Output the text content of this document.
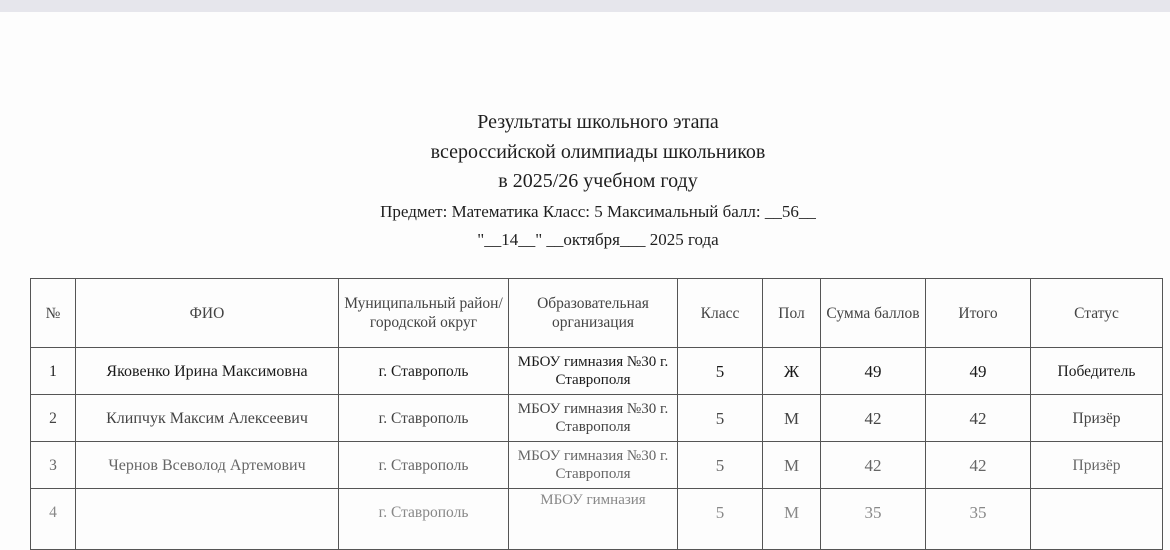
Результаты школьного этапа
всероссийской олимпиады школьников
в 2025/26 учебном году
Предмет: Математика Класс: 5 Максимальный балл: __56__
"__14__" __октября___ 2025 года
№	ФИО	Муниципальный район/городской округ	Образовательная организация	Класс	Пол	Сумма баллов	Итого	Статус
1	Яковенко Ирина Максимовна	г. Ставрополь	МБОУ гимназия №30 г. Ставрополя	5	Ж	49	49	Победитель
2	Клипчук Максим Алексеевич	г. Ставрополь	МБОУ гимназия №30 г. Ставрополя	5	М	42	42	Призёр
3	Чернов Всеволод Артемович	г. Ставрополь	МБОУ гимназия №30 г. Ставрополя	5	М	42	42	Призёр
4		г. Ставрополь	МБОУ гимназия	5	М	35	35	
